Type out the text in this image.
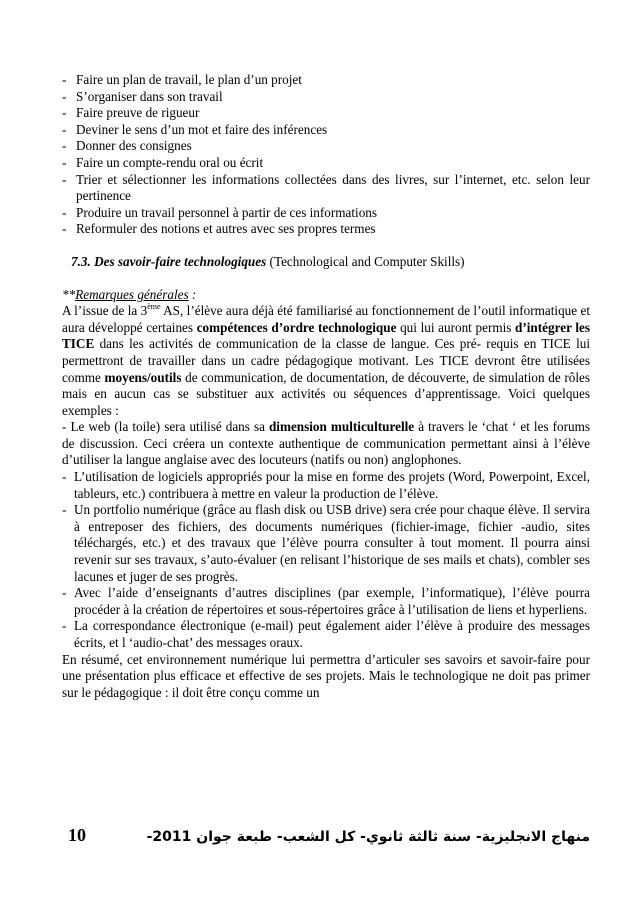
- Faire un plan de travail, le plan d’un projet
- S’organiser dans son travail
- Faire preuve de rigueur
- Deviner le sens d’un mot et faire des inférences
- Donner des consignes
- Faire un compte-rendu oral ou écrit
- Trier et sélectionner les informations collectées dans des livres, sur l’internet, etc. selon leur pertinence
- Produire un travail personnel à partir de ces informations
- Reformuler des notions et autres avec ses propres termes

7.3. Des savoir-faire technologiques (Technological and Computer Skills)

**Remarques générales :

A l’issue de la 3ème AS, l’élève aura déjà été familiarisé au fonctionnement de l’outil informatique et aura développé certaines compétences d’ordre technologique qui lui auront permis d’intégrer les TICE dans les activités de communication de la classe de langue. Ces pré- requis en TICE lui permettront de travailler dans un cadre pédagogique motivant. Les TICE devront être utilisées comme moyens/outils de communication, de documentation, de découverte, de simulation de rôles mais en aucun cas se substituer aux activités ou séquences d’apprentissage. Voici quelques exemples :

- Le web (la toile) sera utilisé dans sa dimension multiculturelle à travers le ‘chat ‘ et les forums de discussion. Ceci créera un contexte authentique de communication permettant ainsi à l’élève d’utiliser la langue anglaise avec des locuteurs (natifs ou non) anglophones.

- L’utilisation de logiciels appropriés pour la mise en forme des projets (Word, Powerpoint, Excel, tableurs, etc.) contribuera à mettre en valeur la production de l’élève.

- Un portfolio numérique (grâce au flash disk ou USB drive) sera crée pour chaque élève. Il servira à entreposer des fichiers, des documents numériques (fichier-image, fichier -audio, sites téléchargés, etc.) et des travaux que l’élève pourra consulter à tout moment. Il pourra ainsi revenir sur ses travaux, s’auto-évaluer (en relisant l’historique de ses mails et chats), combler ses lacunes et juger de ses progrès.

- Avec l’aide d’enseignants d’autres disciplines (par exemple, l’informatique), l’élève pourra procéder à la création de répertoires et sous-répertoires grâce à l’utilisation de liens et hyperliens.

- La correspondance électronique (e-mail) peut également aider l’élève à produire des messages écrits, et l ‘audio-chat’ des messages oraux.

En résumé, cet environnement numérique lui permettra d’articuler ses savoirs et savoir-faire pour une présentation plus efficace et effective de ses projets. Mais le technologique ne doit pas primer sur le pédagogique : il doit être conçu comme un

10	منهاج الانجليزية- سنة ثالثة ثانوي- كل الشعب- طبعة جوان 2011-
